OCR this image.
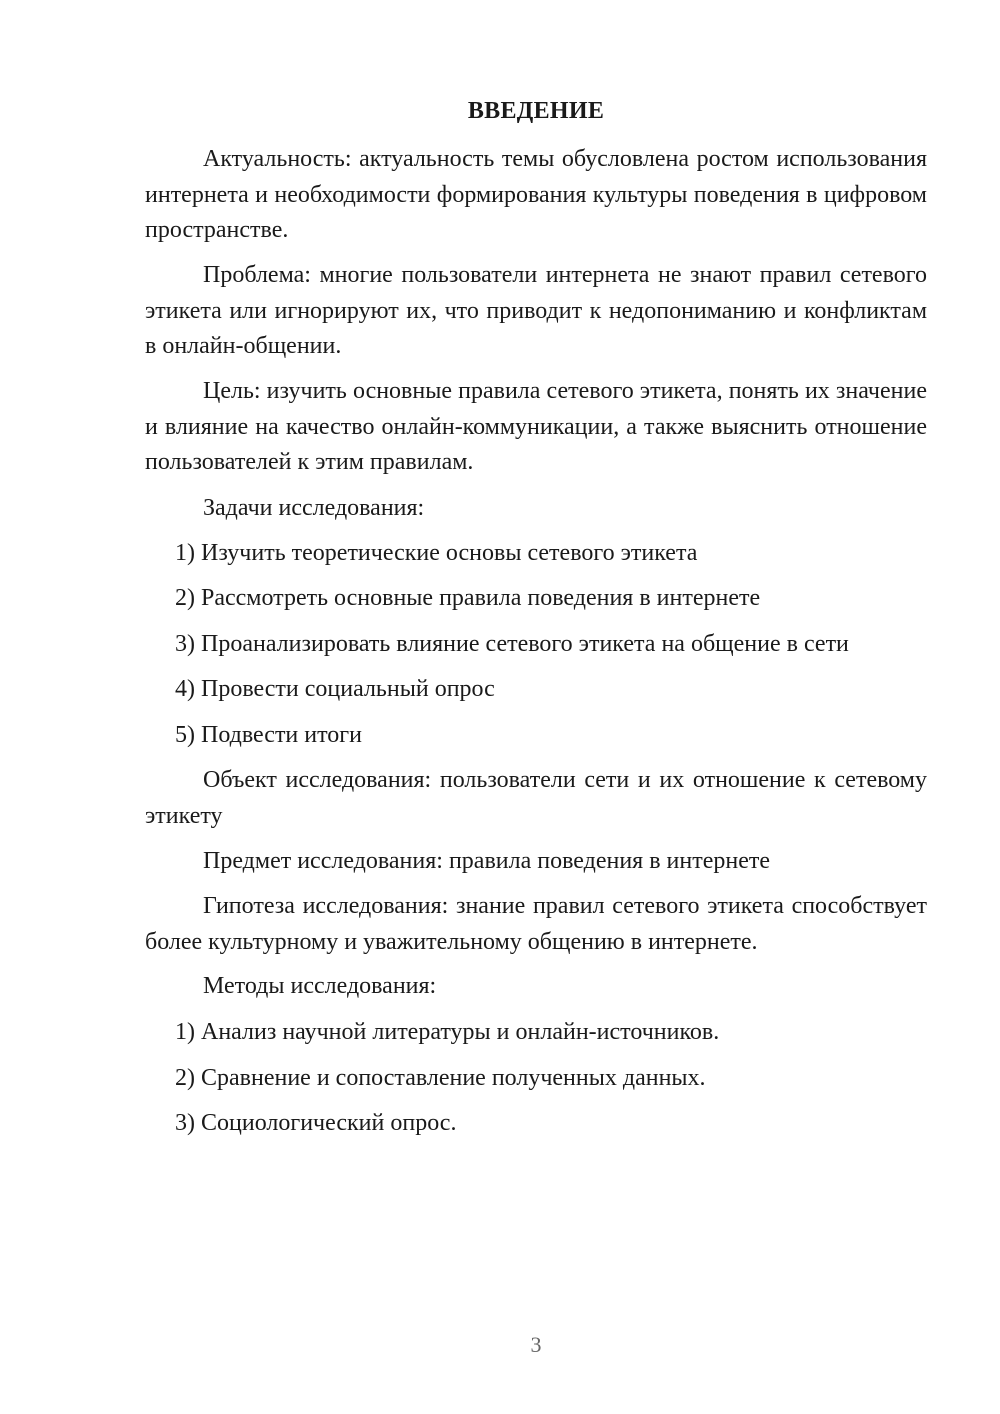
ВВЕДЕНИЕ

Актуальность: актуальность темы обусловлена ростом использования интернета и необходимости формирования культуры поведения в цифровом пространстве.

Проблема: многие пользователи интернета не знают правил сетевого этикета или игнорируют их, что приводит к недопониманию и конфликтам в онлайн-общении.

Цель: изучить основные правила сетевого этикета, понять их значение и влияние на качество онлайн-коммуникации, а также выяснить отношение пользователей к этим правилам.

Задачи исследования:
1) Изучить теоретические основы сетевого этикета
2) Рассмотреть основные правила поведения в интернете
3) Проанализировать влияние сетевого этикета на общение в сети
4) Провести социальный опрос
5) Подвести итоги

Объект исследования: пользователи сети и их отношение к сетевому этикету

Предмет исследования: правила поведения в интернете

Гипотеза исследования: знание правил сетевого этикета способствует более культурному и уважительному общению в интернете.

Методы исследования:
1) Анализ научной литературы и онлайн-источников.
2) Сравнение и сопоставление полученных данных.
3) Социологический опрос.
3
